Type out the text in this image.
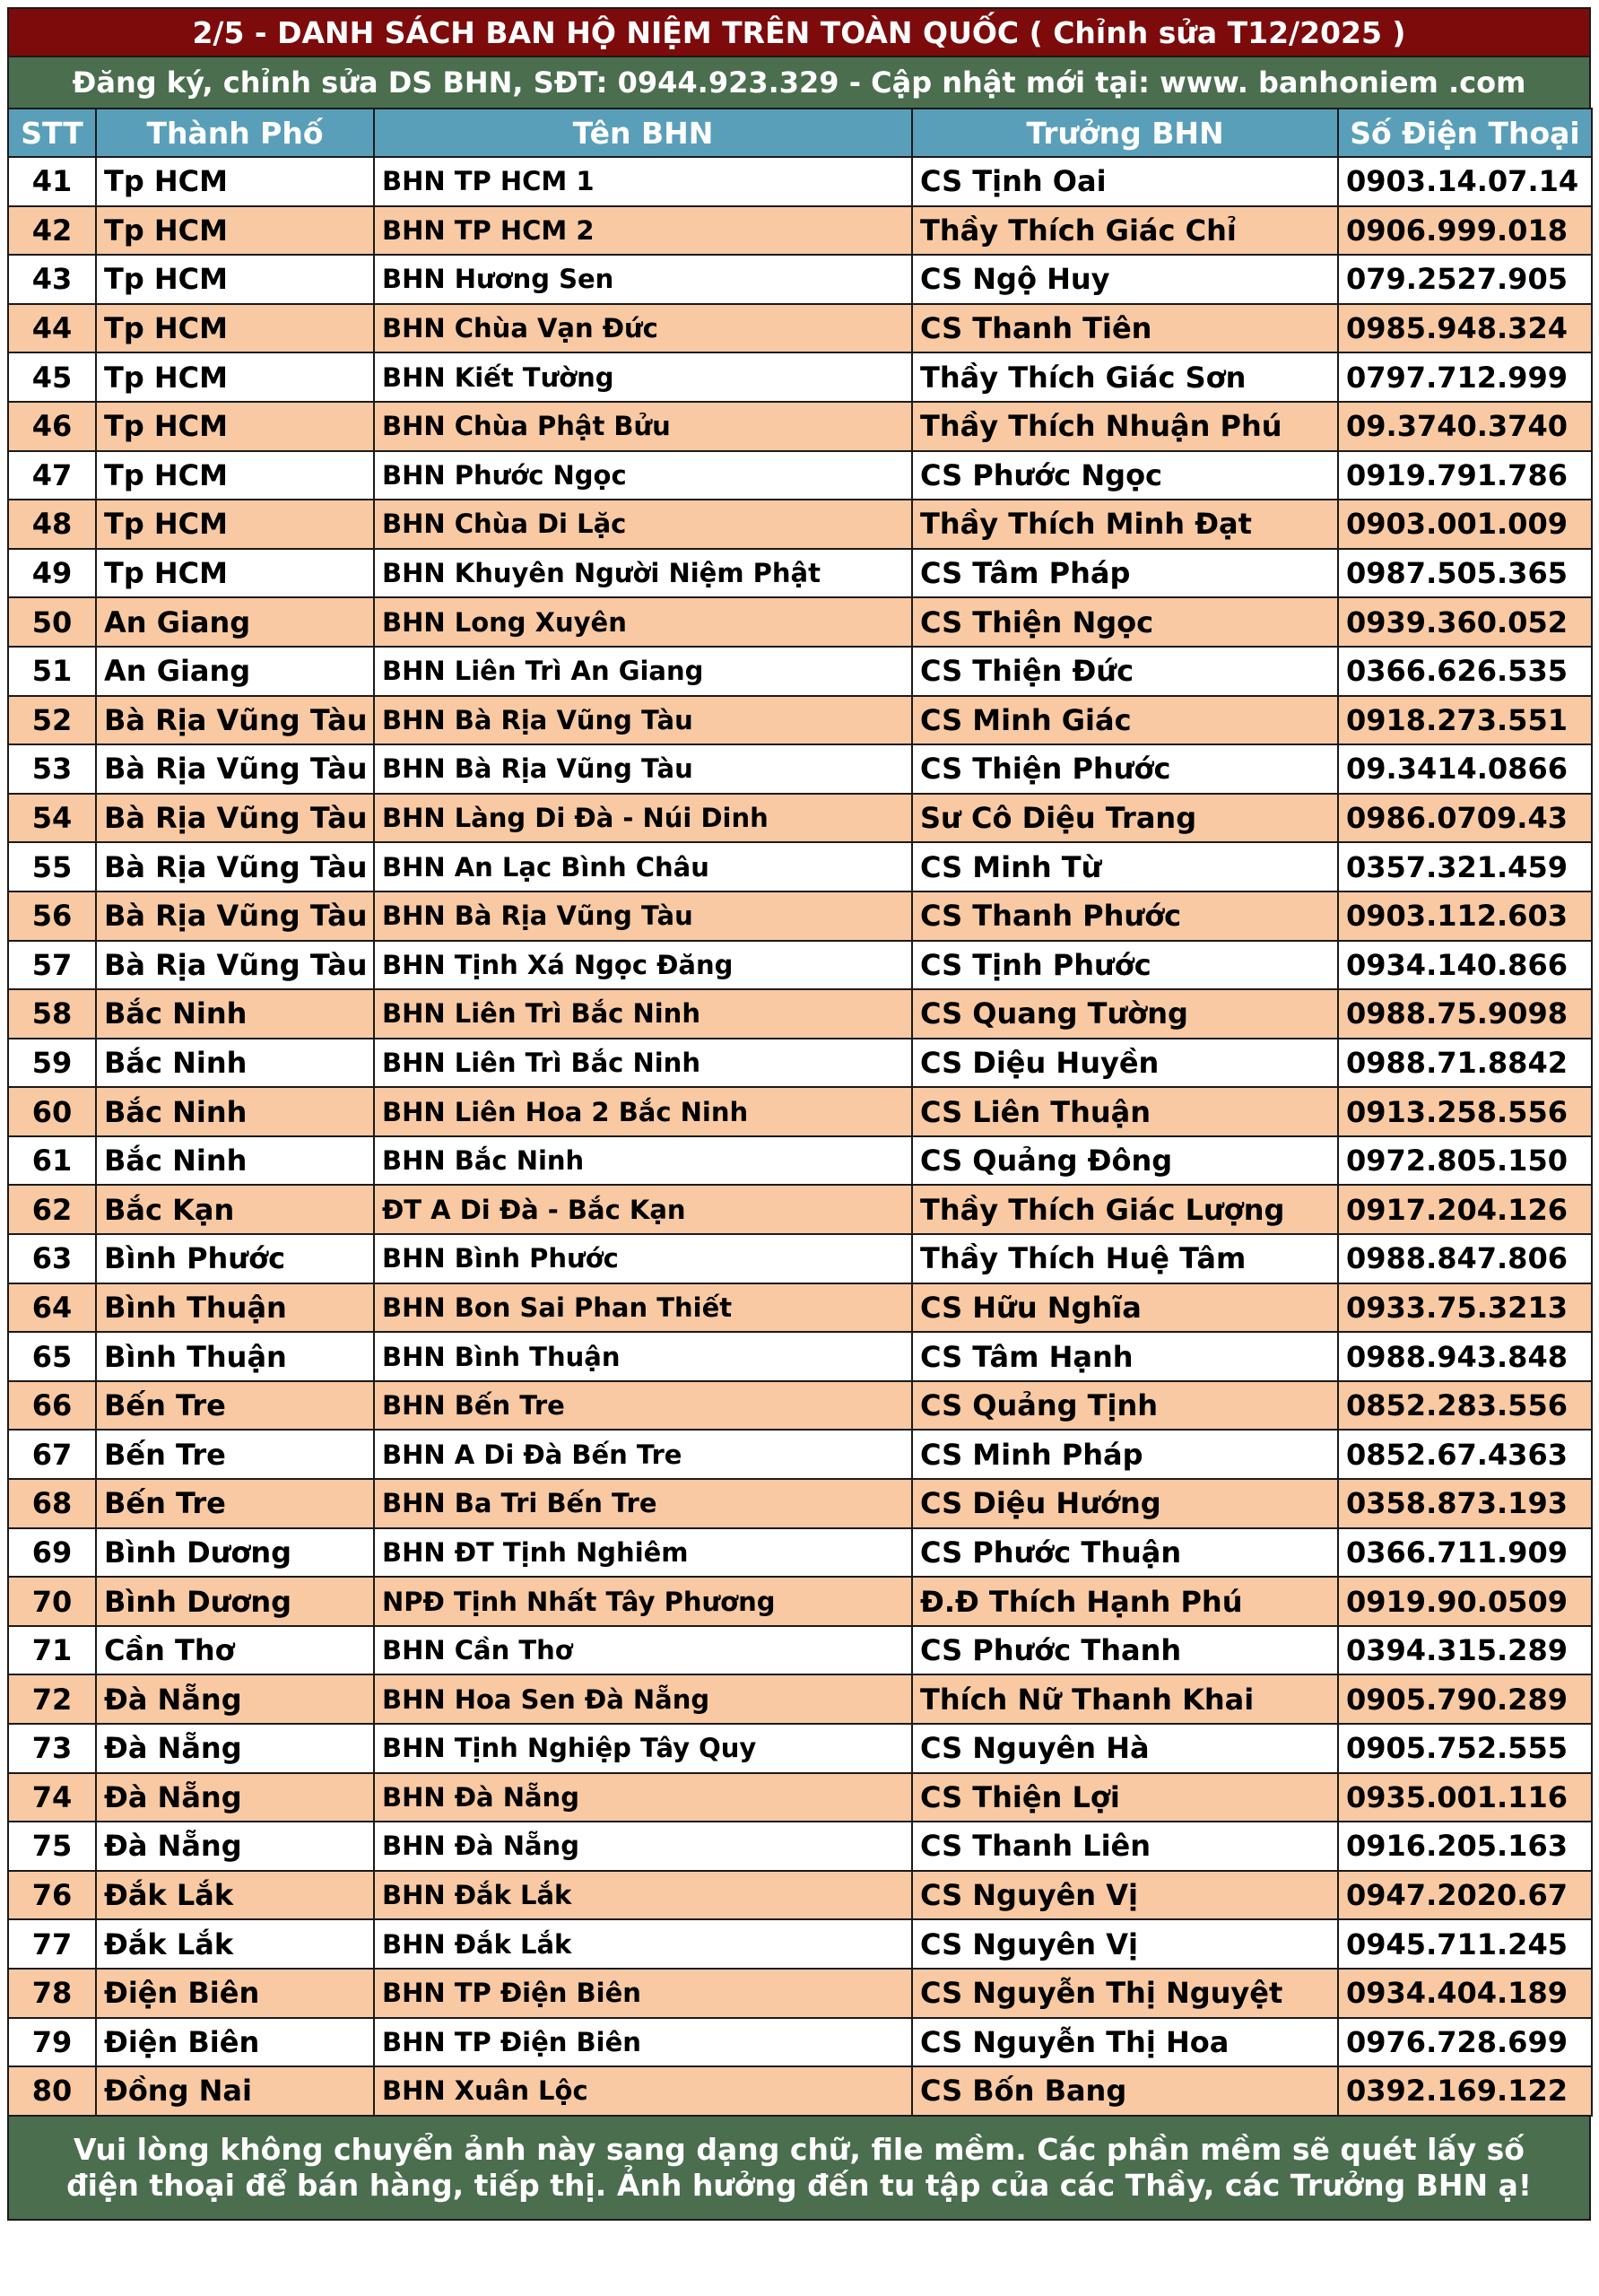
2/5 - DANH SÁCH BAN HỘ NIỆM TRÊN TOÀN QUỐC ( Chỉnh sửa T12/2025 )
Đăng ký, chỉnh sửa DS BHN, SĐT: 0944.923.329 - Cập nhật mới tại: www. banhoniem .com
STT	Thành Phố	Tên BHN	Trưởng BHN	Số Điện Thoại
41	Tp HCM	BHN TP HCM 1	CS Tịnh Oai	0903.14.07.14
42	Tp HCM	BHN TP HCM 2	Thầy Thích Giác Chỉ	0906.999.018
43	Tp HCM	BHN Hương Sen	CS Ngộ Huy	079.2527.905
44	Tp HCM	BHN Chùa Vạn Đức	CS Thanh Tiên	0985.948.324
45	Tp HCM	BHN Kiết Tường	Thầy Thích Giác Sơn	0797.712.999
46	Tp HCM	BHN Chùa Phật Bửu	Thầy Thích Nhuận Phú	09.3740.3740
47	Tp HCM	BHN Phước Ngọc	CS Phước Ngọc	0919.791.786
48	Tp HCM	BHN Chùa Di Lặc	Thầy Thích Minh Đạt	0903.001.009
49	Tp HCM	BHN Khuyên Người Niệm Phật	CS Tâm Pháp	0987.505.365
50	An Giang	BHN Long Xuyên	CS Thiện Ngọc	0939.360.052
51	An Giang	BHN Liên Trì An Giang	CS Thiện Đức	0366.626.535
52	Bà Rịa Vũng Tàu	BHN Bà Rịa Vũng Tàu	CS Minh Giác	0918.273.551
53	Bà Rịa Vũng Tàu	BHN Bà Rịa Vũng Tàu	CS Thiện Phước	09.3414.0866
54	Bà Rịa Vũng Tàu	BHN Làng Di Đà - Núi Dinh	Sư Cô Diệu Trang	0986.0709.43
55	Bà Rịa Vũng Tàu	BHN An Lạc Bình Châu	CS Minh Từ	0357.321.459
56	Bà Rịa Vũng Tàu	BHN Bà Rịa Vũng Tàu	CS Thanh Phước	0903.112.603
57	Bà Rịa Vũng Tàu	BHN Tịnh Xá Ngọc Đăng	CS Tịnh Phước	0934.140.866
58	Bắc Ninh	BHN Liên Trì Bắc Ninh	CS Quang Tường	0988.75.9098
59	Bắc Ninh	BHN Liên Trì Bắc Ninh	CS Diệu Huyền	0988.71.8842
60	Bắc Ninh	BHN Liên Hoa 2 Bắc Ninh	CS Liên Thuận	0913.258.556
61	Bắc Ninh	BHN Bắc Ninh	CS Quảng Đông	0972.805.150
62	Bắc Kạn	ĐT A Di Đà - Bắc Kạn	Thầy Thích Giác Lượng	0917.204.126
63	Bình Phước	BHN Bình Phước	Thầy Thích Huệ Tâm	0988.847.806
64	Bình Thuận	BHN Bon Sai Phan Thiết	CS Hữu Nghĩa	0933.75.3213
65	Bình Thuận	BHN Bình Thuận	CS Tâm Hạnh	0988.943.848
66	Bến Tre	BHN Bến Tre	CS Quảng Tịnh	0852.283.556
67	Bến Tre	BHN A Di Đà Bến Tre	CS Minh Pháp	0852.67.4363
68	Bến Tre	BHN Ba Tri Bến Tre	CS Diệu Hướng	0358.873.193
69	Bình Dương	BHN ĐT Tịnh Nghiêm	CS Phước Thuận	0366.711.909
70	Bình Dương	NPĐ Tịnh Nhất Tây Phương	Đ.Đ Thích Hạnh Phú	0919.90.0509
71	Cần Thơ	BHN Cần Thơ	CS Phước Thanh	0394.315.289
72	Đà Nẵng	BHN Hoa Sen Đà Nẵng	Thích Nữ Thanh Khai	0905.790.289
73	Đà Nẵng	BHN Tịnh Nghiệp Tây Quy	CS Nguyên Hà	0905.752.555
74	Đà Nẵng	BHN Đà Nẵng	CS Thiện Lợi	0935.001.116
75	Đà Nẵng	BHN Đà Nẵng	CS Thanh Liên	0916.205.163
76	Đắk Lắk	BHN Đắk Lắk	CS Nguyên Vị	0947.2020.67
77	Đắk Lắk	BHN Đắk Lắk	CS Nguyên Vị	0945.711.245
78	Điện Biên	BHN TP Điện Biên	CS Nguyễn Thị Nguyệt	0934.404.189
79	Điện Biên	BHN TP Điện Biên	CS Nguyễn Thị Hoa	0976.728.699
80	Đồng Nai	BHN Xuân Lộc	CS Bốn Bang	0392.169.122
Vui lòng không chuyển ảnh này sang dạng chữ, file mềm. Các phần mềm sẽ quét lấy số điện thoại để bán hàng, tiếp thị. Ảnh hưởng đến tu tập của các Thầy, các Trưởng BHN ạ!
